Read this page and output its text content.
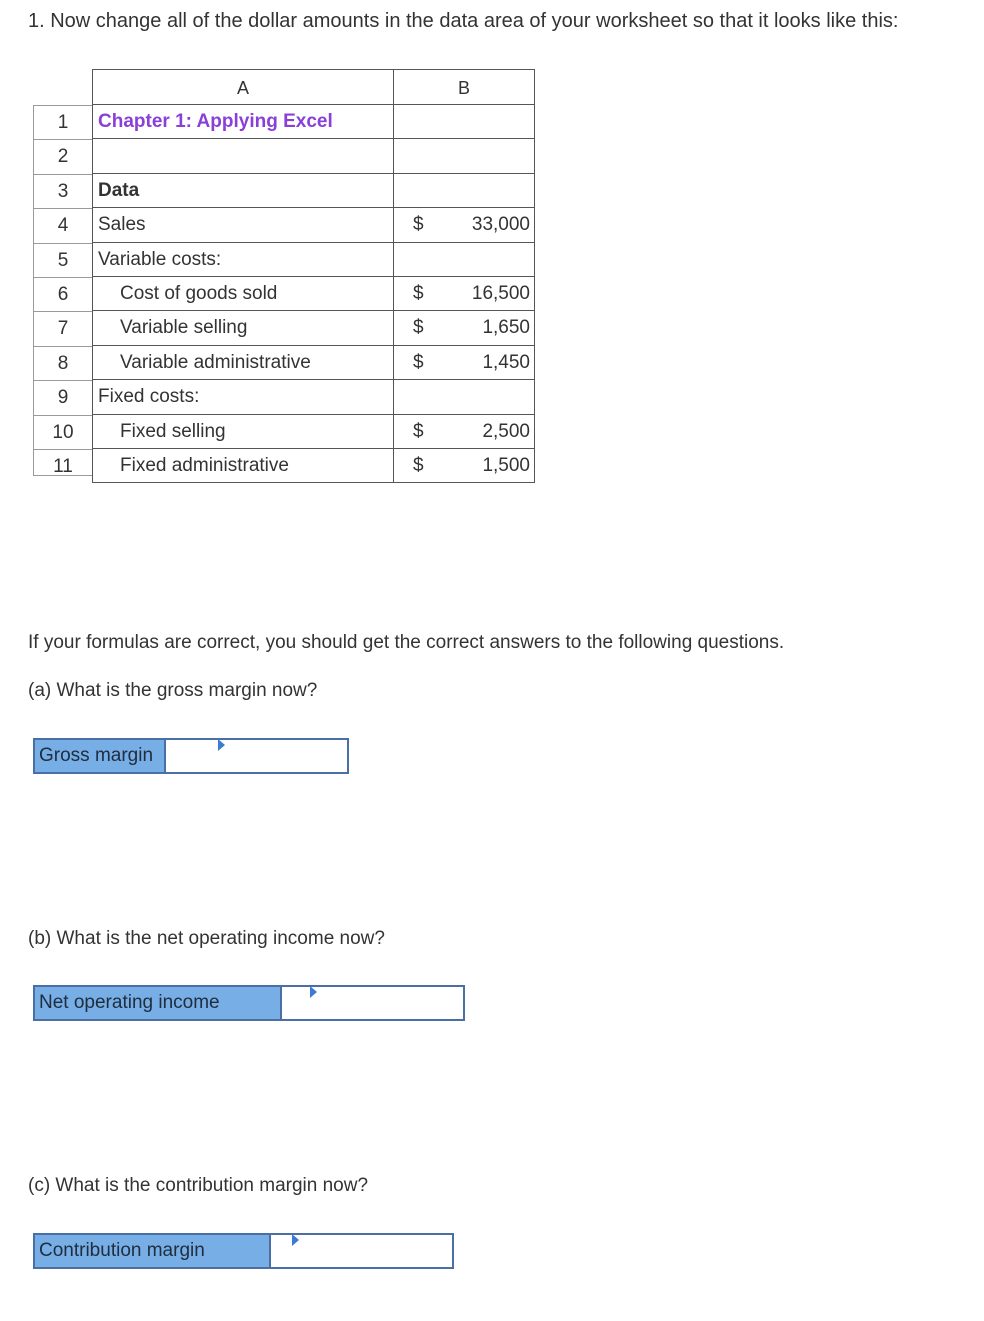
1. Now change all of the dollar amounts in the data area of your worksheet so that it looks like this:
A	B
1	Chapter 1: Applying Excel
2
3	Data
4	Sales	$	33,000
5	Variable costs:
6	Cost of goods sold	$	16,500
7	Variable selling	$	1,650
8	Variable administrative	$	1,450
9	Fixed costs:
10	Fixed selling	$	2,500
11	Fixed administrative	$	1,500
If your formulas are correct, you should get the correct answers to the following questions.
(a) What is the gross margin now?
Gross margin
(b) What is the net operating income now?
Net operating income
(c) What is the contribution margin now?
Contribution margin
